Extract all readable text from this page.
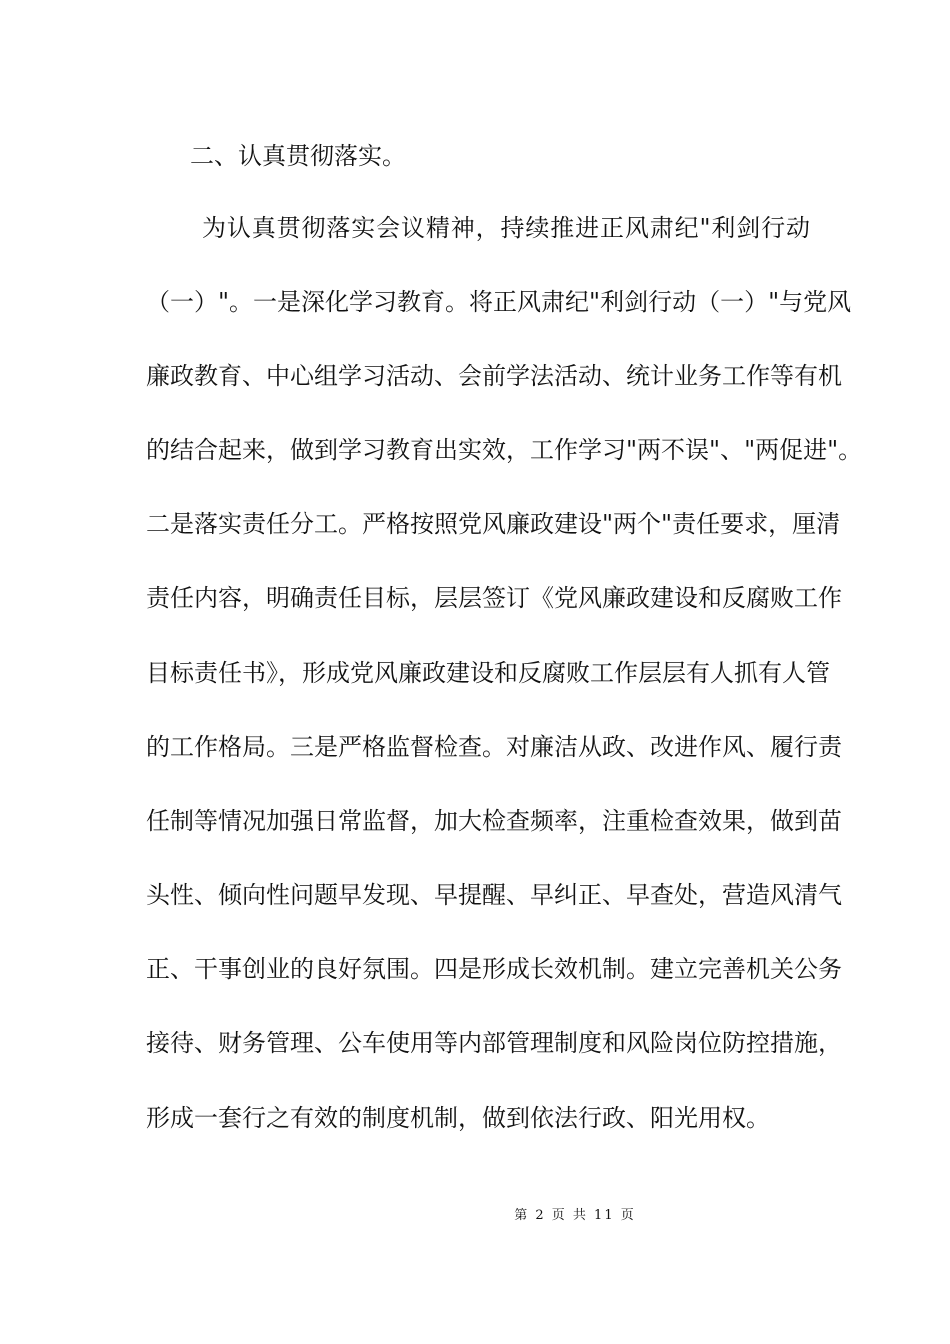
二、认真贯彻落实。
为认真贯彻落实会议精神，持续推进正风肃纪"利剑行动
（一）"。一是深化学习教育。将正风肃纪"利剑行动（一）"与党风
廉政教育、中心组学习活动、会前学法活动、统计业务工作等有机
的结合起来，做到学习教育出实效，工作学习"两不误"、"两促进"。
二是落实责任分工。严格按照党风廉政建设"两个"责任要求，厘清
责任内容，明确责任目标，层层签订《党风廉政建设和反腐败工作
目标责任书》，形成党风廉政建设和反腐败工作层层有人抓有人管
的工作格局。三是严格监督检查。对廉洁从政、改进作风、履行责
任制等情况加强日常监督，加大检查频率，注重检查效果，做到苗
头性、倾向性问题早发现、早提醒、早纠正、早查处，营造风清气
正、干事创业的良好氛围。四是形成长效机制。建立完善机关公务
接待、财务管理、公车使用等内部管理制度和风险岗位防控措施，
形成一套行之有效的制度机制，做到依法行政、阳光用权。
第 2 页 共 11 页
